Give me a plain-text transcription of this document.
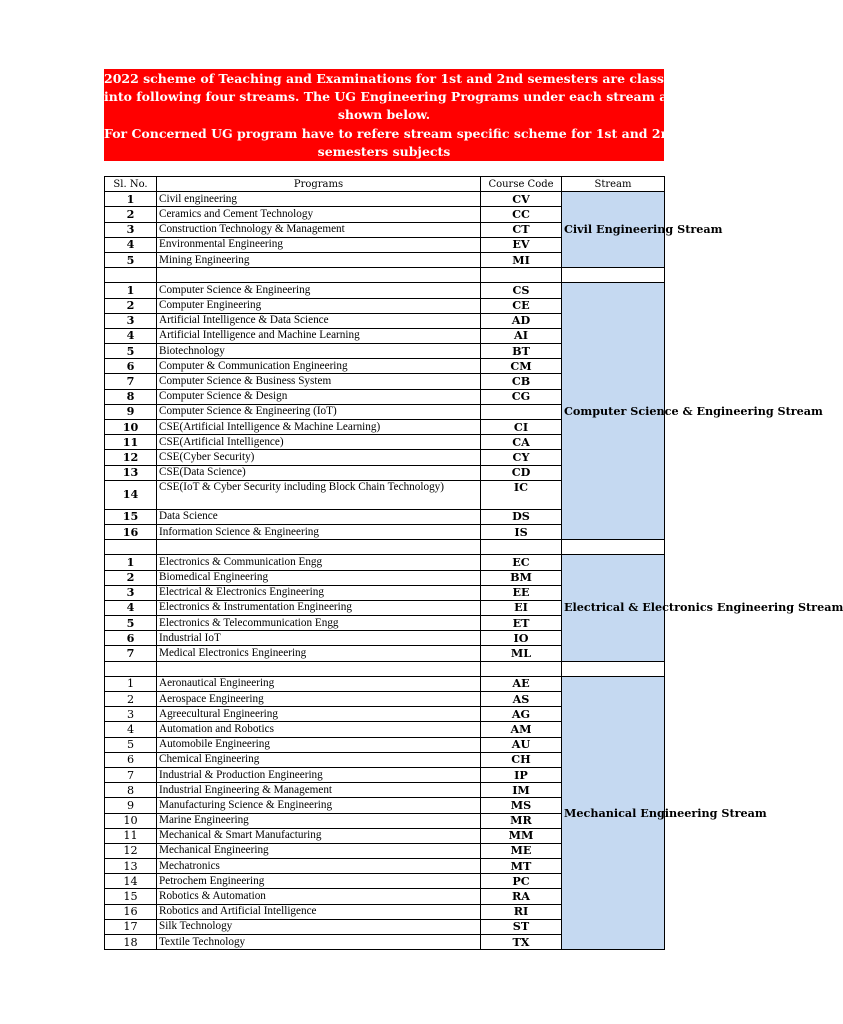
2022 scheme of Teaching and Examinations for 1st and 2nd semesters are classified
into following four streams. The UG Engineering Programs under each stream are
shown below.
For Concerned UG program have to refere stream specific scheme for 1st and 2nd
semesters subjects
Sl. No.	Programs	Course Code	Stream
1	Civil engineering	CV	Civil Engineering Stream
2	Ceramics and Cement Technology	CC	
3	Construction Technology & Management	CT	
4	Environmental Engineering	EV	
5	Mining Engineering	MI	

1	Computer Science & Engineering	CS	Computer Science & Engineering Stream
2	Computer Engineering	CE	
3	Artificial Intelligence & Data Science	AD	
4	Artificial Intelligence and Machine Learning	AI	
5	Biotechnology	BT	
6	Computer & Communication Engineering	CM	
7	Computer Science & Business System	CB	
8	Computer Science & Design	CG	
9	Computer Science & Engineering (IoT)		
10	CSE(Artificial Intelligence & Machine Learning)	CI	
11	CSE(Artificial Intelligence)	CA	
12	CSE(Cyber Security)	CY	
13	CSE(Data Science)	CD	
14	CSE(IoT & Cyber Security including Block Chain Technology)	IC	
15	Data Science	DS	
16	Information Science & Engineering	IS	

1	Electronics & Communication Engg	EC	Electrical & Electronics Engineering Stream
2	Biomedical Engineering	BM	
3	Electrical & Electronics Engineering	EE	
4	Electronics & Instrumentation Engineering	EI	
5	Electronics & Telecommunication Engg	ET	
6	Industrial IoT	IO	
7	Medical Electronics Engineering	ML	

1	Aeronautical Engineering	AE	Mechanical Engineering Stream
2	Aerospace Engineering	AS	
3	Agreecultural Engineering	AG	
4	Automation and Robotics	AM	
5	Automobile Engineering	AU	
6	Chemical Engineering	CH	
7	Industrial & Production Engineering	IP	
8	Industrial Engineering & Management	IM	
9	Manufacturing Science & Engineering	MS	
10	Marine Engineering	MR	
11	Mechanical & Smart Manufacturing	MM	
12	Mechanical Engineering	ME	
13	Mechatronics	MT	
14	Petrochem Engineering	PC	
15	Robotics & Automation	RA	
16	Robotics and Artificial Intelligence	RI	
17	Silk Technology	ST	
18	Textile Technology	TX	
